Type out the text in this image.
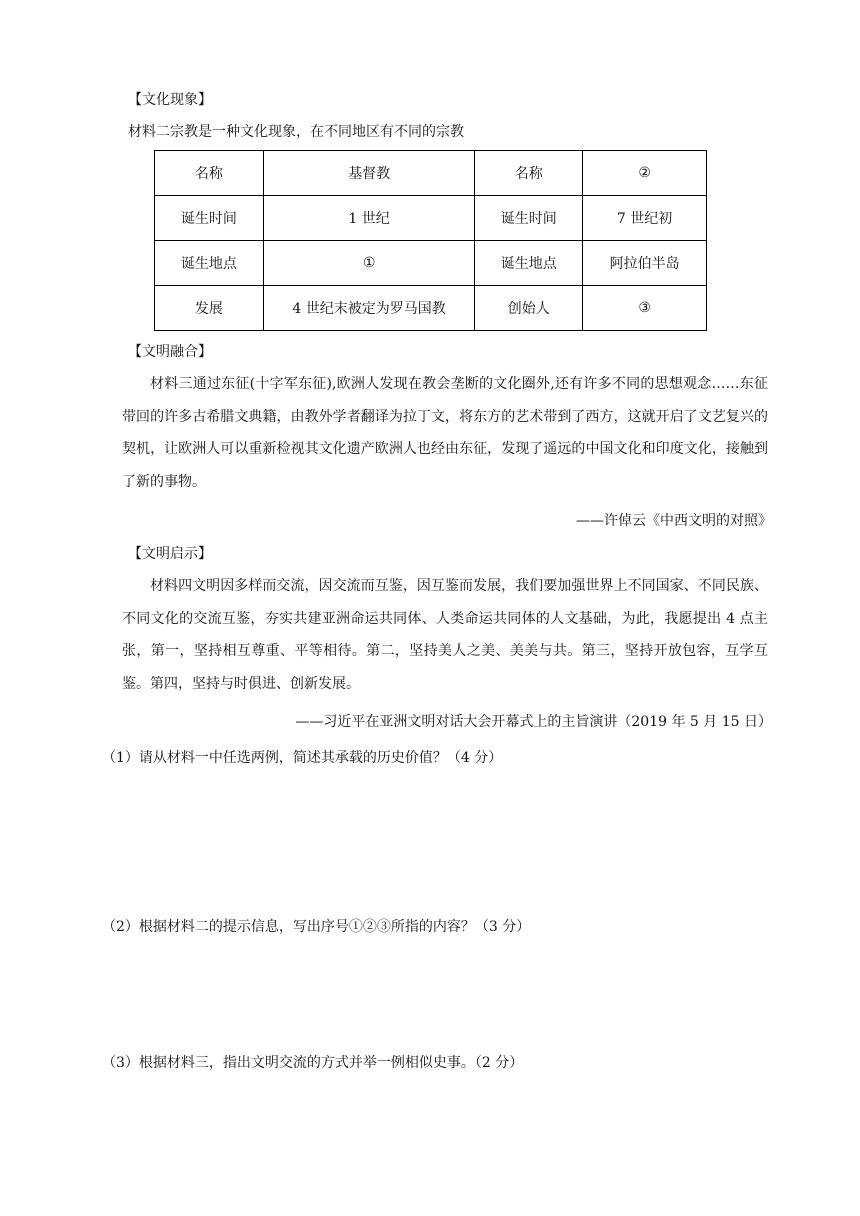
【文化现象】
材料二宗教是一种文化现象，在不同地区有不同的宗教
名称	基督教	名称	②
诞生时间	1 世纪	诞生时间	7 世纪初
诞生地点	①	诞生地点	阿拉伯半岛
发展	4 世纪末被定为罗马国教	创始人	③
【文明融合】

材料三通过东征(十字军东征),欧洲人发现在教会垄断的文化圈外,还有许多不同的思想观念……东征带回的许多古希腊文典籍，由教外学者翻译为拉丁文，将东方的艺术带到了西方，这就开启了文艺复兴的契机，让欧洲人可以重新检视其文化遗产欧洲人也经由东征，发现了遥远的中国文化和印度文化，接触到了新的事物。

——许倬云《中西文明的对照》
【文明启示】

材料四文明因多样而交流，因交流而互鉴，因互鉴而发展，我们要加强世界上不同国家、不同民族、不同文化的交流互鉴，夯实共建亚洲命运共同体、人类命运共同体的人文基础，为此，我愿提出 4 点主张，第一，坚持相互尊重、平等相待。第二，坚持美人之美、美美与共。第三，坚持开放包容，互学互鉴。第四，坚持与时俱进、创新发展。

——习近平在亚洲文明对话大会开幕式上的主旨演讲（2019 年 5 月 15 日）
（1）请从材料一中任选两例，简述其承载的历史价值？（4 分）
（2）根据材料二的提示信息，写出序号①②③所指的内容？（3 分）
（3）根据材料三，指出文明交流的方式并举一例相似史事。（2 分）
